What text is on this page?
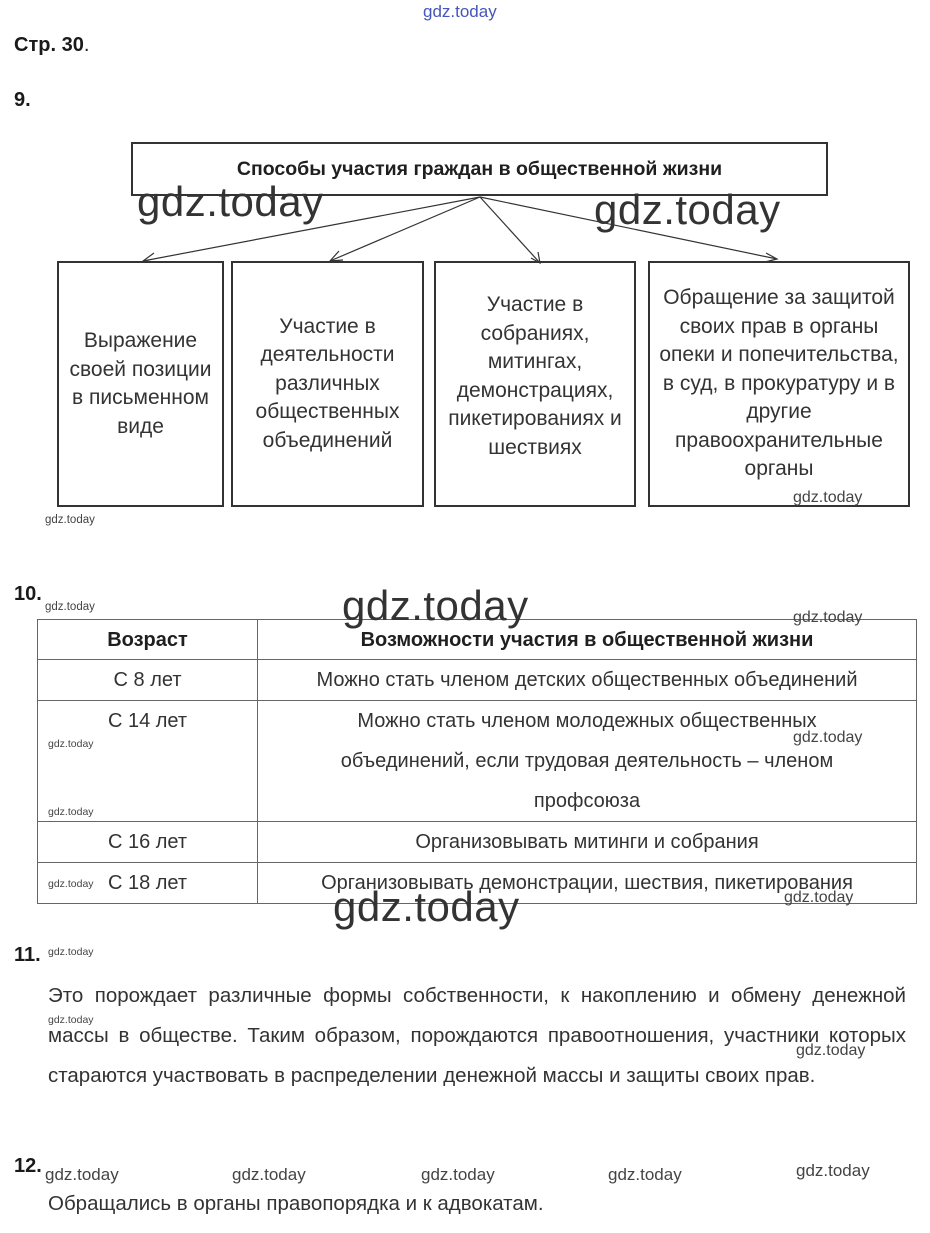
Стр. 30.
9.
Способы участия граждан в общественной жизни
Выражение своей позиции в письменном виде
Участие в деятельности различных общественных объединений
Участие в собраниях, митингах, демонстрациях, пикетированиях и шествиях
Обращение за защитой своих прав в органы опеки и попечительства, в суд, в прокуратуру и в другие правоохранительные органы
10.
Возраст	Возможности участия в общественной жизни
С 8 лет	Можно стать членом детских общественных объединений
С 14 лет	Можно стать членом молодежных общественных объединений, если трудовая деятельность – членом профсоюза
С 16 лет	Организовывать митинги и собрания
С 18 лет	Организовывать демонстрации, шествия, пикетирования
11.
Это порождает различные формы собственности, к накоплению и обмену денежной массы в обществе. Таким образом, порождаются правоотношения, участники которых стараются участвовать в распределении денежной массы и защиты своих прав.
12.
Обращались в органы правопорядка и к адвокатам.
gdz.today
gdz.today	gdz.today
gdz.today
gdz.today
gdz.today
gdz.today
gdz.today
gdz.today	gdz.today
gdz.today
gdz.today
gdz.today
gdz.today
gdz.today
gdz.today
gdz.today
gdz.today	gdz.today	gdz.today	gdz.today	gdz.today
